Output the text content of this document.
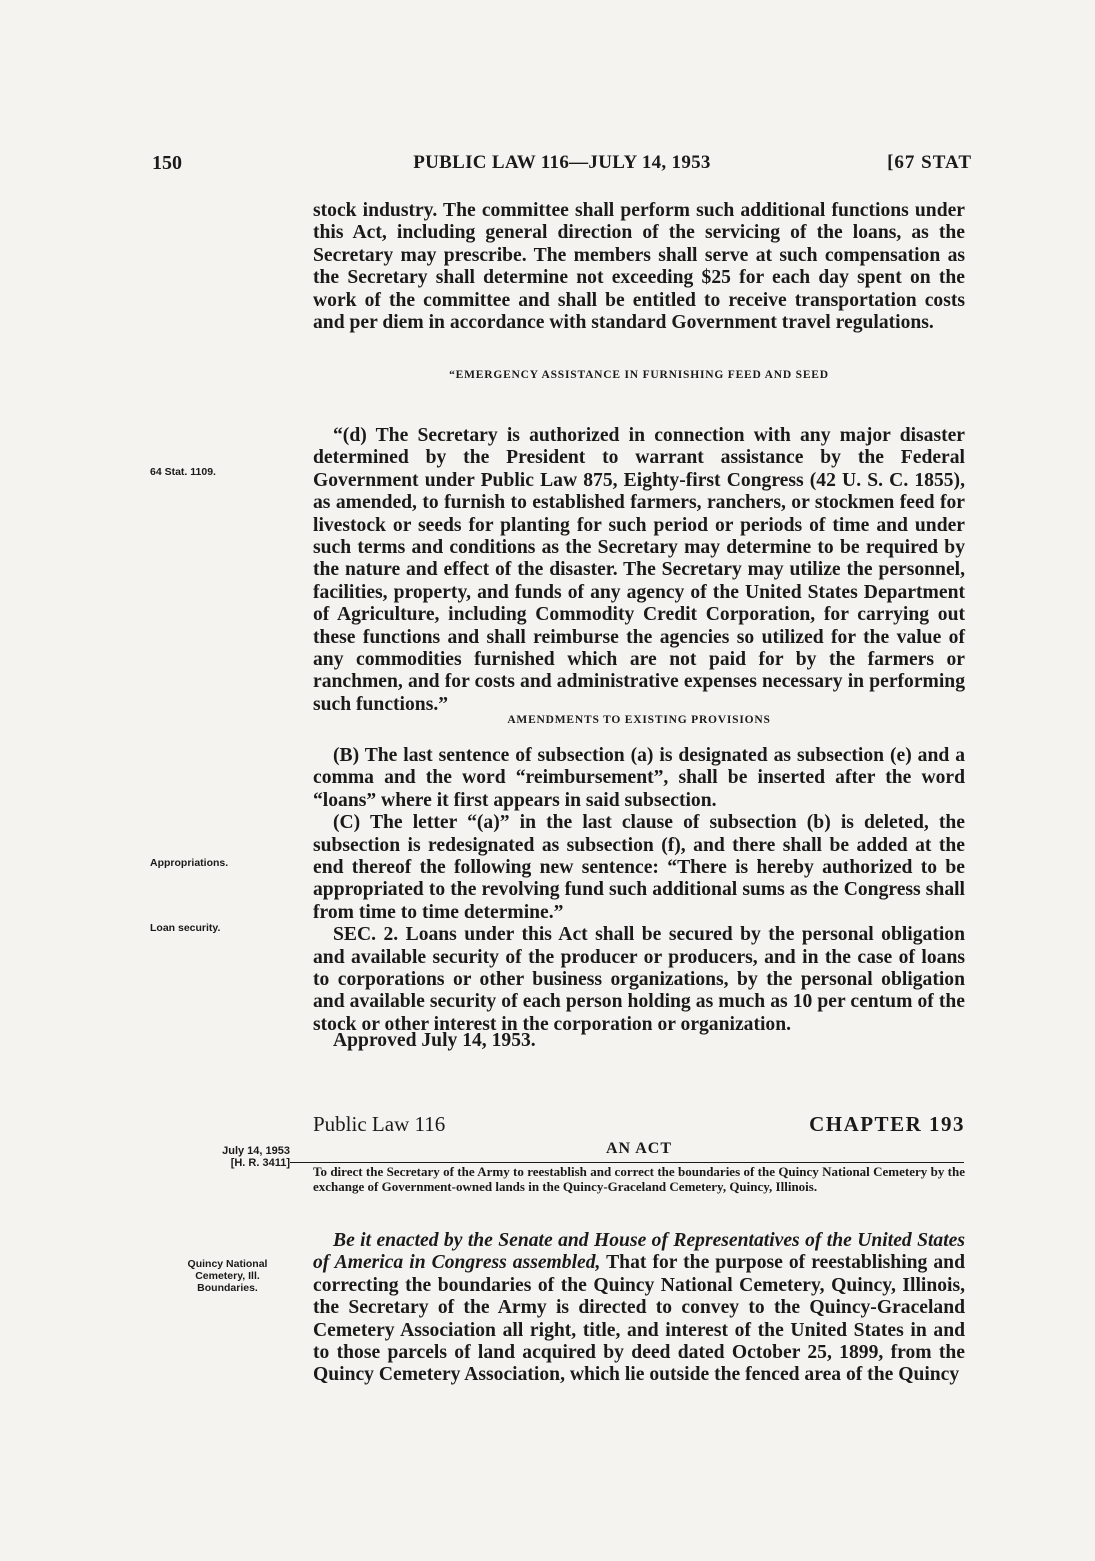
150	PUBLIC LAW 116—JULY 14, 1953	[67 STAT

stock industry. The committee shall perform such additional functions under this Act, including general direction of the servicing of the loans, as the Secretary may prescribe. The members shall serve at such compensation as the Secretary shall determine not exceeding $25 for each day spent on the work of the committee and shall be entitled to receive transportation costs and per diem in accordance with standard Government travel regulations.

“EMERGENCY ASSISTANCE IN FURNISHING FEED AND SEED

“(d) The Secretary is authorized in connection with any major disaster determined by the President to warrant assistance by the Federal Government under Public Law 875, Eighty-first Congress (42 U. S. C. 1855), as amended, to furnish to established farmers, ranchers, or stockmen feed for livestock or seeds for planting for such period or periods of time and under such terms and conditions as the Secretary may determine to be required by the nature and effect of the disaster. The Secretary may utilize the personnel, facilities, property, and funds of any agency of the United States Department of Agriculture, including Commodity Credit Corporation, for carrying out these functions and shall reimburse the agencies so utilized for the value of any commodities furnished which are not paid for by the farmers or ranchmen, and for costs and administrative expenses necessary in performing such functions.”

64 Stat. 1109.
AMENDMENTS TO EXISTING PROVISIONS

(B) The last sentence of subsection (a) is designated as subsection (e) and a comma and the word “reimbursement”, shall be inserted after the word “loans” where it first appears in said subsection.

(C) The letter “(a)” in the last clause of subsection (b) is deleted, the subsection is redesignated as subsection (f), and there shall be added at the end thereof the following new sentence: “There is hereby authorized to be appropriated to the revolving fund such additional sums as the Congress shall from time to time determine.”

SEC. 2. Loans under this Act shall be secured by the personal obligation and available security of the producer or producers, and in the case of loans to corporations or other business organizations, by the personal obligation and available security of each person holding as much as 10 per centum of the stock or other interest in the corporation or organization.

Appropriations.
Loan security.
Approved July 14, 1953.
Public Law 116	CHAPTER 193
AN ACT
July 14, 1953
[H. R. 3411]
To direct the Secretary of the Army to reestablish and correct the boundaries of the Quincy National Cemetery by the exchange of Government-owned lands in the Quincy-Graceland Cemetery, Quincy, Illinois.

Be it enacted by the Senate and House of Representatives of the United States of America in Congress assembled, That for the purpose of reestablishing and correcting the boundaries of the Quincy National Cemetery, Quincy, Illinois, the Secretary of the Army is directed to convey to the Quincy-Graceland Cemetery Association all right, title, and interest of the United States in and to those parcels of land acquired by deed dated October 25, 1899, from the Quincy Cemetery Association, which lie outside the fenced area of the Quincy

Quincy National
Cemetery, Ill.
Boundaries.
